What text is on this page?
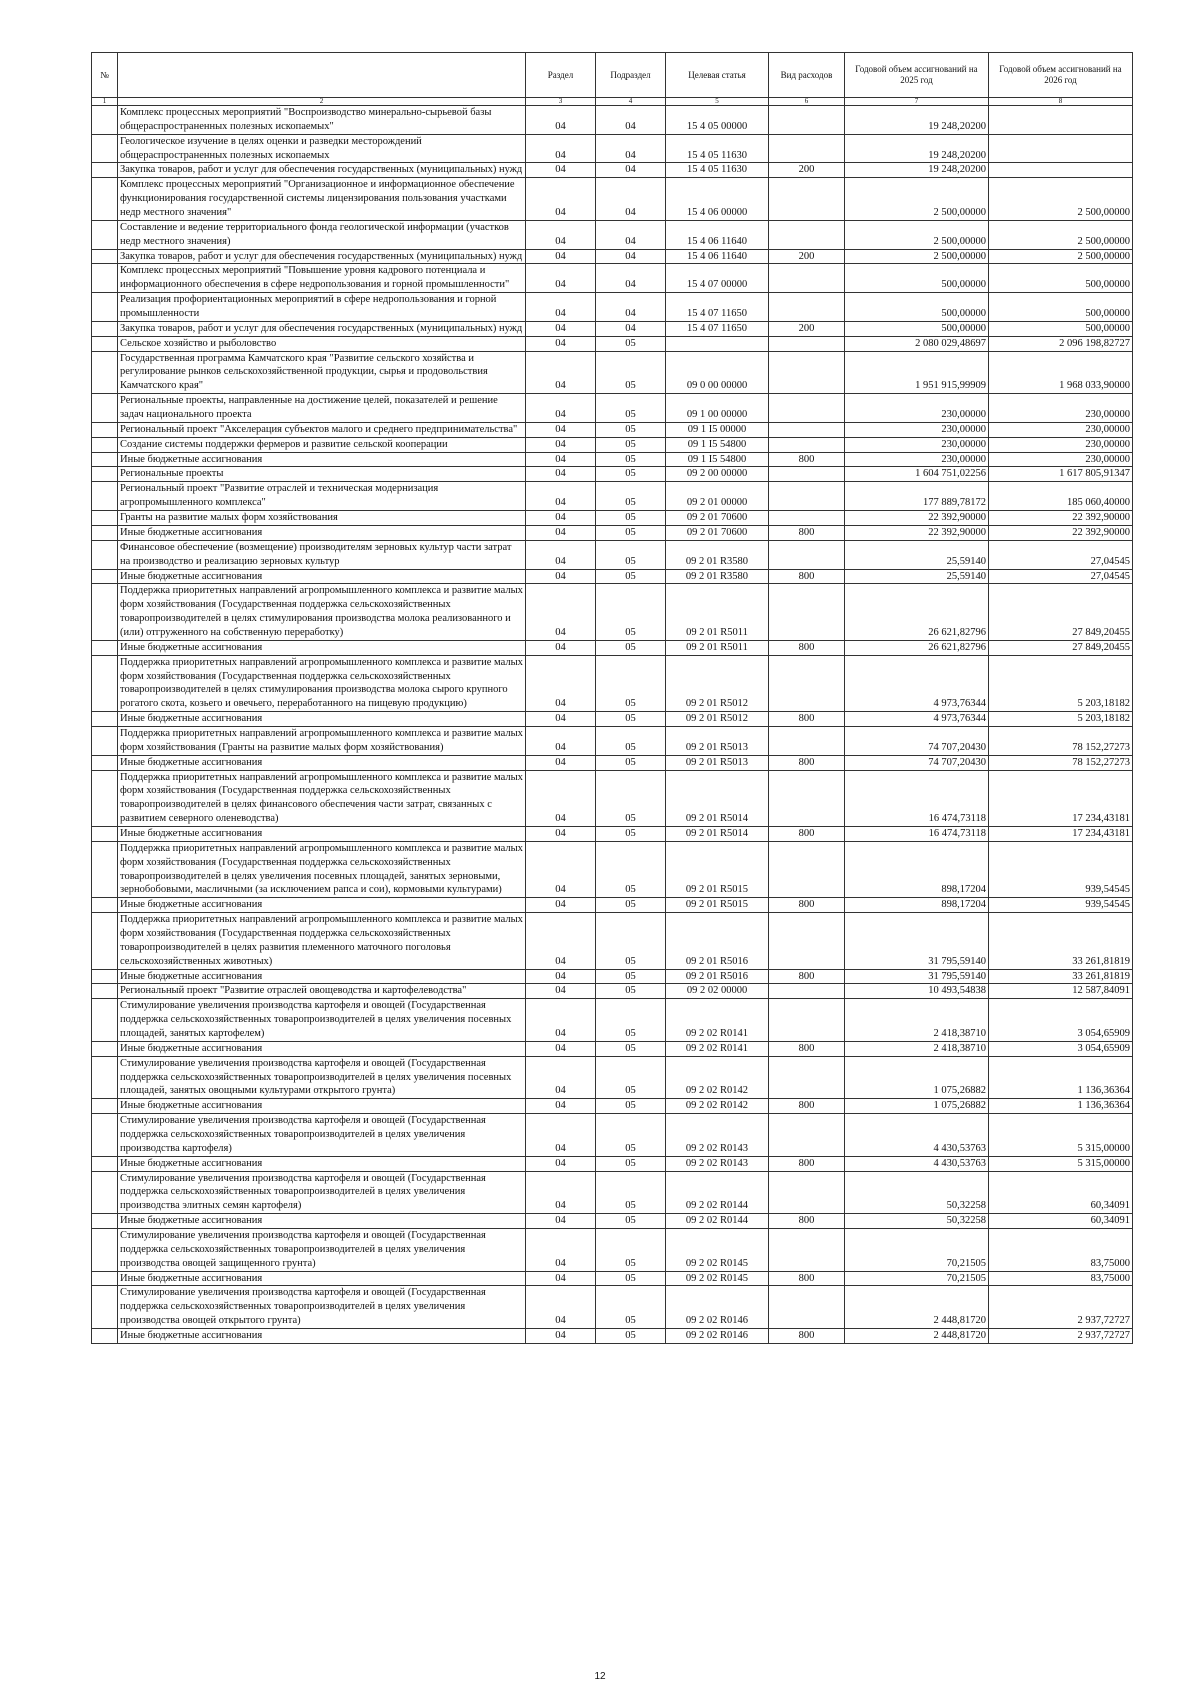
№		Раздел	Подраздел	Целевая статья	Вид расходов	Годовой объем ассигнований на 2025 год	Годовой объем ассигнований на 2026 год
1	2	3	4	5	6	7	8
	Комплекс процессных мероприятий "Воспроизводство минерально-сырьевой базы общераспространенных полезных ископаемых"	04	04	15 4 05 00000		19 248,20200	
	Геологическое изучение в целях оценки и разведки месторождений общераспространенных полезных ископаемых	04	04	15 4 05 11630		19 248,20200	
	Закупка товаров, работ и услуг для обеспечения государственных (муниципальных) нужд	04	04	15 4 05 11630	200	19 248,20200	
	Комплекс процессных мероприятий "Организационное и информационное обеспечение функционирования государственной системы лицензирования пользования участками недр местного значения"	04	04	15 4 06 00000		2 500,00000	2 500,00000
	Составление и ведение территориального фонда геологической информации (участков недр местного значения)	04	04	15 4 06 11640		2 500,00000	2 500,00000
	Закупка товаров, работ и услуг для обеспечения государственных (муниципальных) нужд	04	04	15 4 06 11640	200	2 500,00000	2 500,00000
	Комплекс процессных мероприятий "Повышение уровня кадрового потенциала и информационного обеспечения в сфере недропользования и горной промышленности"	04	04	15 4 07 00000		500,00000	500,00000
	Реализация профориентационных мероприятий в сфере недропользования и горной промышленности	04	04	15 4 07 11650		500,00000	500,00000
	Закупка товаров, работ и услуг для обеспечения государственных (муниципальных) нужд	04	04	15 4 07 11650	200	500,00000	500,00000
	Сельское хозяйство и рыболовство	04	05			2 080 029,48697	2 096 198,82727
	Государственная программа Камчатского края "Развитие сельского хозяйства и регулирование рынков сельскохозяйственной продукции, сырья и продовольствия Камчатского края"	04	05	09 0 00 00000		1 951 915,99909	1 968 033,90000
	Региональные проекты, направленные на достижение целей, показателей и решение задач национального проекта	04	05	09 1 00 00000		230,00000	230,00000
	Региональный проект "Акселерация субъектов малого и среднего предпринимательства"	04	05	09 1 I5 00000		230,00000	230,00000
	Создание системы поддержки фермеров и развитие сельской кооперации	04	05	09 1 I5 54800		230,00000	230,00000
	Иные бюджетные ассигнования	04	05	09 1 I5 54800	800	230,00000	230,00000
	Региональные проекты	04	05	09 2 00 00000		1 604 751,02256	1 617 805,91347
	Региональный проект "Развитие отраслей и техническая модернизация агропромышленного комплекса"	04	05	09 2 01 00000		177 889,78172	185 060,40000
	Гранты на развитие малых форм хозяйствования	04	05	09 2 01 70600		22 392,90000	22 392,90000
	Иные бюджетные ассигнования	04	05	09 2 01 70600	800	22 392,90000	22 392,90000
	Финансовое обеспечение (возмещение) производителям зерновых культур части затрат на производство и реализацию зерновых культур	04	05	09 2 01 R3580		25,59140	27,04545
	Иные бюджетные ассигнования	04	05	09 2 01 R3580	800	25,59140	27,04545
	Поддержка приоритетных направлений агропромышленного комплекса и развитие малых форм хозяйствования (Государственная поддержка сельскохозяйственных товаропроизводителей в целях стимулирования производства молока реализованного и (или) отгруженного на собственную переработку)	04	05	09 2 01 R5011		26 621,82796	27 849,20455
	Иные бюджетные ассигнования	04	05	09 2 01 R5011	800	26 621,82796	27 849,20455
	Поддержка приоритетных направлений агропромышленного комплекса и развитие малых форм хозяйствования (Государственная поддержка сельскохозяйственных товаропроизводителей в целях стимулирования производства молока сырого крупного рогатого скота, козьего и овечьего, переработанного на пищевую продукцию)	04	05	09 2 01 R5012		4 973,76344	5 203,18182
	Иные бюджетные ассигнования	04	05	09 2 01 R5012	800	4 973,76344	5 203,18182
	Поддержка приоритетных направлений агропромышленного комплекса и развитие малых форм хозяйствования (Гранты на развитие малых форм хозяйствования)	04	05	09 2 01 R5013		74 707,20430	78 152,27273
	Иные бюджетные ассигнования	04	05	09 2 01 R5013	800	74 707,20430	78 152,27273
	Поддержка приоритетных направлений агропромышленного комплекса и развитие малых форм хозяйствования (Государственная поддержка сельскохозяйственных товаропроизводителей в целях финансового обеспечения части затрат, связанных с развитием северного оленеводства)	04	05	09 2 01 R5014		16 474,73118	17 234,43181
	Иные бюджетные ассигнования	04	05	09 2 01 R5014	800	16 474,73118	17 234,43181
	Поддержка приоритетных направлений агропромышленного комплекса и развитие малых форм хозяйствования (Государственная поддержка сельскохозяйственных товаропроизводителей в целях увеличения посевных площадей, занятых зерновыми, зернобобовыми, масличными (за исключением рапса и сои), кормовыми культурами)	04	05	09 2 01 R5015		898,17204	939,54545
	Иные бюджетные ассигнования	04	05	09 2 01 R5015	800	898,17204	939,54545
	Поддержка приоритетных направлений агропромышленного комплекса и развитие малых форм хозяйствования (Государственная поддержка сельскохозяйственных товаропроизводителей в целях развития племенного маточного поголовья сельскохозяйственных животных)	04	05	09 2 01 R5016		31 795,59140	33 261,81819
	Иные бюджетные ассигнования	04	05	09 2 01 R5016	800	31 795,59140	33 261,81819
	Региональный проект "Развитие отраслей овощеводства и картофелеводства"	04	05	09 2 02 00000		10 493,54838	12 587,84091
	Стимулирование увеличения производства картофеля и овощей (Государственная поддержка сельскохозяйственных товаропроизводителей в целях увеличения посевных площадей, занятых картофелем)	04	05	09 2 02 R0141		2 418,38710	3 054,65909
	Иные бюджетные ассигнования	04	05	09 2 02 R0141	800	2 418,38710	3 054,65909
	Стимулирование увеличения производства картофеля и овощей (Государственная поддержка сельскохозяйственных товаропроизводителей в целях увеличения посевных площадей, занятых овощными культурами открытого грунта)	04	05	09 2 02 R0142		1 075,26882	1 136,36364
	Иные бюджетные ассигнования	04	05	09 2 02 R0142	800	1 075,26882	1 136,36364
	Стимулирование увеличения производства картофеля и овощей (Государственная поддержка сельскохозяйственных товаропроизводителей в целях увеличения производства картофеля)	04	05	09 2 02 R0143		4 430,53763	5 315,00000
	Иные бюджетные ассигнования	04	05	09 2 02 R0143	800	4 430,53763	5 315,00000
	Стимулирование увеличения производства картофеля и овощей (Государственная поддержка сельскохозяйственных товаропроизводителей в целях увеличения производства элитных семян картофеля)	04	05	09 2 02 R0144		50,32258	60,34091
	Иные бюджетные ассигнования	04	05	09 2 02 R0144	800	50,32258	60,34091
	Стимулирование увеличения производства картофеля и овощей (Государственная поддержка сельскохозяйственных товаропроизводителей в целях увеличения производства овощей защищенного грунта)	04	05	09 2 02 R0145		70,21505	83,75000
	Иные бюджетные ассигнования	04	05	09 2 02 R0145	800	70,21505	83,75000
	Стимулирование увеличения производства картофеля и овощей (Государственная поддержка сельскохозяйственных товаропроизводителей в целях увеличения производства овощей открытого грунта)	04	05	09 2 02 R0146		2 448,81720	2 937,72727
	Иные бюджетные ассигнования	04	05	09 2 02 R0146	800	2 448,81720	2 937,72727
12
